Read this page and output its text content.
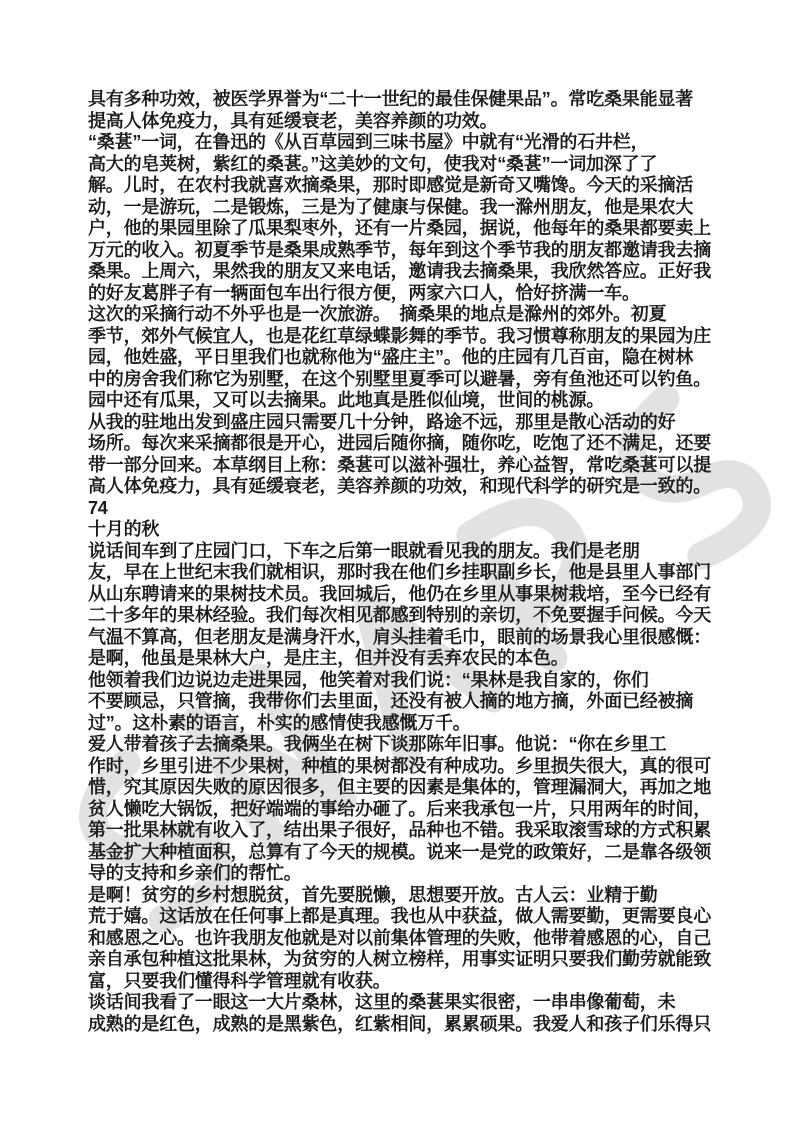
具有多种功效，被医学界誉为“二十一世纪的最佳保健果品”。常吃桑果能显著
提高人体免疫力，具有延缓衰老，美容养颜的功效。
“桑葚”一词，在鲁迅的《从百草园到三味书屋》中就有“光滑的石井栏，
高大的皂荚树，紫红的桑葚。”这美妙的文句，使我对“桑葚”一词加深了了
解。儿时，在农村我就喜欢摘桑果，那时即感觉是新奇又嘴馋。今天的采摘活
动，一是游玩，二是锻炼，三是为了健康与保健。我一滁州朋友，他是果农大
户，他的果园里除了瓜果梨枣外，还有一片桑园，据说，他每年的桑果都要卖上
万元的收入。初夏季节是桑果成熟季节，每年到这个季节我的朋友都邀请我去摘
桑果。上周六，果然我的朋友又来电话，邀请我去摘桑果，我欣然答应。正好我
的好友葛胖子有一辆面包车出行很方便，两家六口人，恰好挤满一车。
这次的采摘行动不外乎也是一次旅游。　摘桑果的地点是滁州的郊外。初夏
季节，郊外气候宜人，也是花红草绿蝶影舞的季节。我习惯尊称朋友的果园为庄
园，他姓盛，平日里我们也就称他为“盛庄主”。他的庄园有几百亩，隐在树林
中的房舍我们称它为别墅，在这个别墅里夏季可以避暑，旁有鱼池还可以钓鱼。
园中还有瓜果，又可以去摘果。此地真是胜似仙境，世间的桃源。
从我的驻地出发到盛庄园只需要几十分钟，路途不远，那里是散心活动的好
场所。每次来采摘都很是开心，进园后随你摘，随你吃，吃饱了还不满足，还要
带一部分回来。本草纲目上称：桑葚可以滋补强壮，养心益智，常吃桑葚可以提
高人体免疫力，具有延缓衰老，美容养颜的功效，和现代科学的研究是一致的。
74
十月的秋
说话间车到了庄园门口，下车之后第一眼就看见我的朋友。我们是老朋
友，早在上世纪末我们就相识，那时我在他们乡挂职副乡长，他是县里人事部门
从山东聘请来的果树技术员。我回城后，他仍在乡里从事果树栽培，至今已经有
二十多年的果林经验。我们每次相见都感到特别的亲切，不免要握手问候。今天
气温不算高，但老朋友是满身汗水，肩头挂着毛巾，眼前的场景我心里很感慨：
是啊，他虽是果林大户，是庄主，但并没有丢弃农民的本色。
他领着我们边说边走进果园，他笑着对我们说：“果林是我自家的，你们
不要顾忌，只管摘，我带你们去里面，还没有被人摘的地方摘，外面已经被摘
过”。这朴素的语言，朴实的感情使我感慨万千。
爱人带着孩子去摘桑果。我俩坐在树下谈那陈年旧事。他说：“你在乡里工
作时，乡里引进不少果树，种植的果树都没有种成功。乡里损失很大，真的很可
惜，究其原因失败的原因很多，但主要的因素是集体的，管理漏洞大，再加之地
贫人懒吃大锅饭，把好端端的事给办砸了。后来我承包一片，只用两年的时间，
第一批果林就有收入了，结出果子很好，品种也不错。我采取滚雪球的方式积累
基金扩大种植面积，总算有了今天的规模。说来一是党的政策好，二是靠各级领
导的支持和乡亲们的帮忙。
是啊！贫穷的乡村想脱贫，首先要脱懒，思想要开放。古人云：业精于勤
荒于嬉。这话放在任何事上都是真理。我也从中获益，做人需要勤，更需要良心
和感恩之心。也许我朋友他就是对以前集体管理的失败，他带着感恩的心，自己
亲自承包种植这批果林，为贫穷的人树立榜样，用事实证明只要我们勤劳就能致
富，只要我们懂得科学管理就有收获。
谈话间我看了一眼这一大片桑林，这里的桑葚果实很密，一串串像葡萄，未
成熟的是红色，成熟的是黑紫色，红紫相间，累累硕果。我爱人和孩子们乐得只
